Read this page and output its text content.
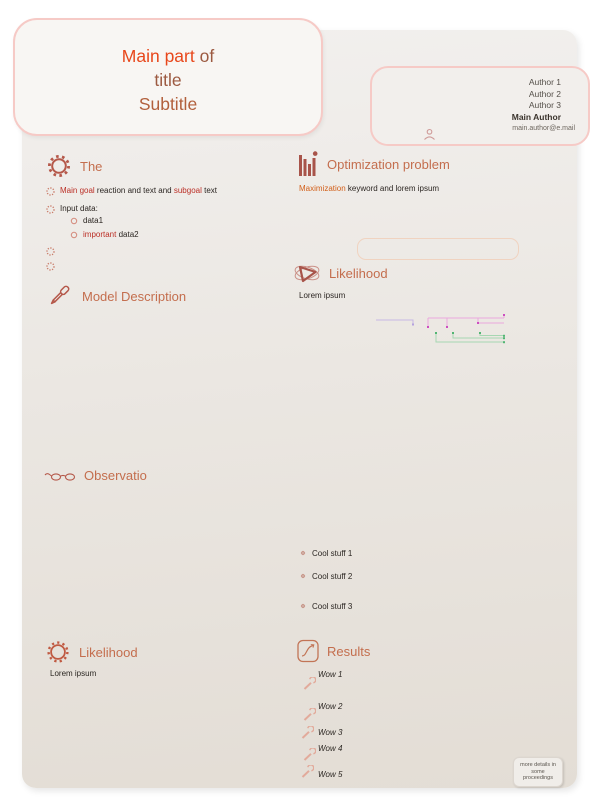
Main part of
title
Subtitle
Author 1
Author 2
Author 3
Main Author
main.author@e.mail
The
Main goal reaction and text and subgoal text
Input data:
data1
important data2
Model Description
Observatio
Likelihood
Lorem ipsum
Optimization problem
Maximization keyword and lorem ipsum
Likelihood
Lorem ipsum
Cool stuff 1
Cool stuff 2
Cool stuff 3
Results
Wow 1
Wow 2
Wow 3
Wow 4
Wow 5
more details in
some
proceedings
